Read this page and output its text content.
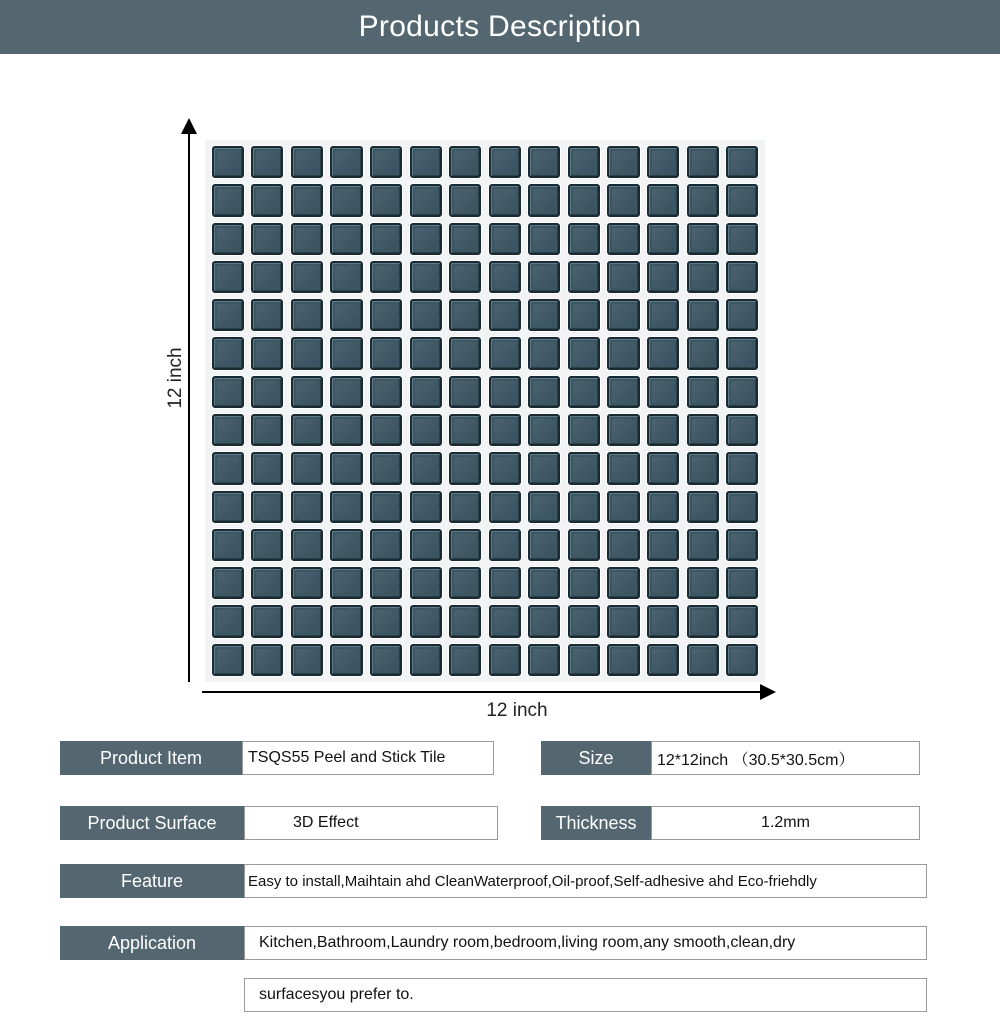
Products Description
12 inch
12 inch
Product Item	TSQS55 Peel and Stick Tile	Size	12*12inch （30.5*30.5cm）
Product Surface	3D Effect	Thickness	1.2mm
Feature	Easy to install,Maihtain ahd CleanWaterproof,Oil-proof,Self-adhesive ahd Eco-friehdly
Application	Kitchen,Bathroom,Laundry room,bedroom,living room,any smooth,clean,dry
surfacesyou prefer to.
